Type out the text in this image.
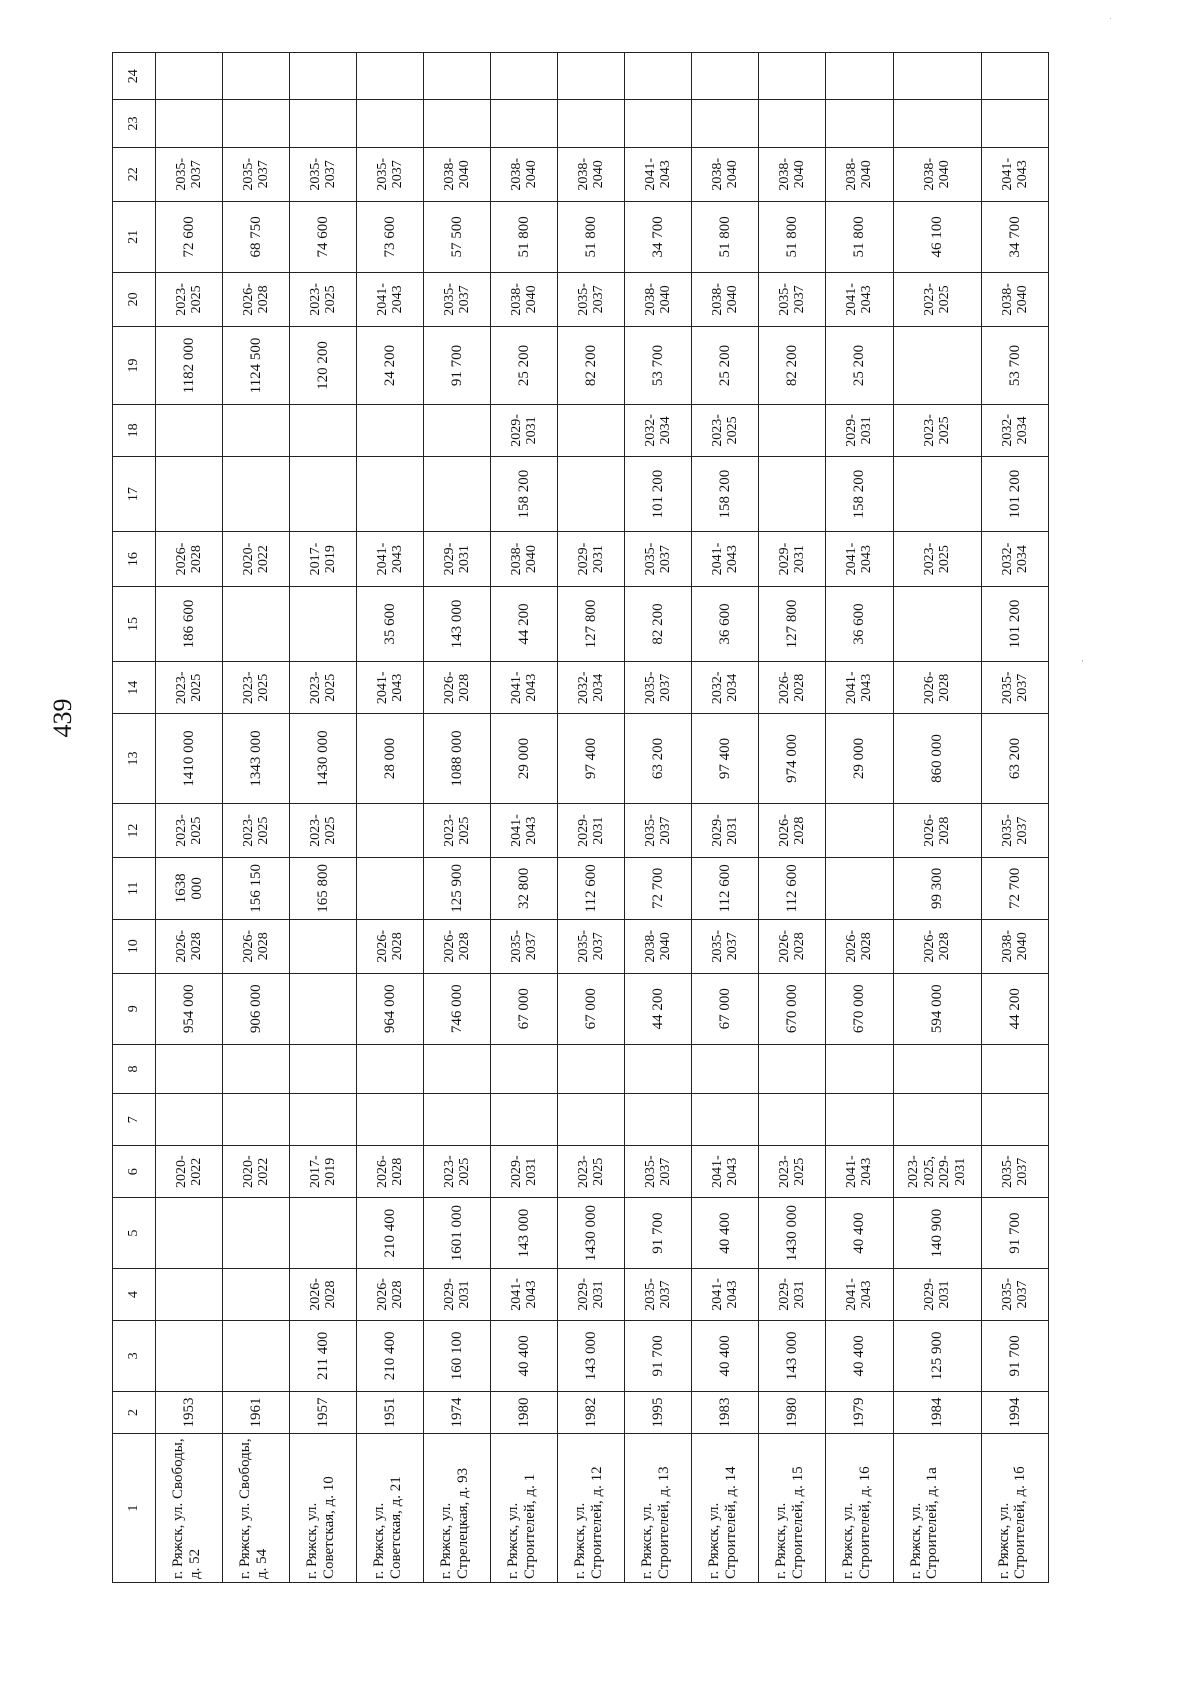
439
1	2	3	4	5	6	7	8	9	10	11	12	13	14	15	16	17	18	19	20	21	22	23	24
г. Ряжск, ул. Свободы, д. 52	1953				2020-2022			954 000	2026-2028	1638 000	2023-2025	1410 000	2023-2025	186 600	2026-2028			1182 000	2023-2025	72 600	2035-2037		
г. Ряжск, ул. Свободы, д. 54	1961				2020-2022			906 000	2026-2028	156 150	2023-2025	1343 000	2023-2025		2020-2022			1124 500	2026-2028	68 750	2035-2037		
г. Ряжск, ул. Советская, д. 10	1957	211 400	2026-2028		2017-2019					165 800	2023-2025	1430 000	2023-2025		2017-2019			120 200	2023-2025	74 600	2035-2037		
г. Ряжск, ул. Советская, д. 21	1951	210 400	2026-2028	210 400	2026-2028			964 000	2026-2028			28 000	2041-2043	35 600	2041-2043			24 200	2041-2043	73 600	2035-2037		
г. Ряжск, ул. Стрелецкая, д. 93	1974	160 100	2029-2031	1601 000	2023-2025			746 000	2026-2028	125 900	2023-2025	1088 000	2026-2028	143 000	2029-2031			91 700	2035-2037	57 500	2038-2040		
г. Ряжск, ул. Строителей, д. 1	1980	40 400	2041-2043	143 000	2029-2031			67 000	2035-2037	32 800	2041-2043	29 000	2041-2043	44 200	2038-2040	158 200	2029-2031	25 200	2038-2040	51 800	2038-2040		
г. Ряжск, ул. Строителей, д. 12	1982	143 000	2029-2031	1430 000	2023-2025			67 000	2035-2037	112 600	2029-2031	97 400	2032-2034	127 800	2029-2031			82 200	2035-2037	51 800	2038-2040		
г. Ряжск, ул. Строителей, д. 13	1995	91 700	2035-2037	91 700	2035-2037			44 200	2038-2040	72 700	2035-2037	63 200	2035-2037	82 200	2035-2037	101 200	2032-2034	53 700	2038-2040	34 700	2041-2043		
г. Ряжск, ул. Строителей, д. 14	1983	40 400	2041-2043	40 400	2041-2043			67 000	2035-2037	112 600	2029-2031	97 400	2032-2034	36 600	2041-2043	158 200	2023-2025	25 200	2038-2040	51 800	2038-2040		
г. Ряжск, ул. Строителей, д. 15	1980	143 000	2029-2031	1430 000	2023-2025			670 000	2026-2028	112 600	2026-2028	974 000	2026-2028	127 800	2029-2031			82 200	2035-2037	51 800	2038-2040		
г. Ряжск, ул. Строителей, д. 16	1979	40 400	2041-2043	40 400	2041-2043			670 000	2026-2028			29 000	2041-2043	36 600	2041-2043	158 200	2029-2031	25 200	2041-2043	51 800	2038-2040		
г. Ряжск, ул. Строителей, д. 1а	1984	125 900	2029-2031	140 900	2023-2025, 2029-2031			594 000	2026-2028	99 300	2026-2028	860 000	2026-2028		2023-2025		2023-2025		2023-2025	46 100	2038-2040		
г. Ряжск, ул. Строителей, д. 1б	1994	91 700	2035-2037	91 700	2035-2037			44 200	2038-2040	72 700	2035-2037	63 200	2035-2037	101 200	2032-2034	101 200	2032-2034	53 700	2038-2040	34 700	2041-2043		
